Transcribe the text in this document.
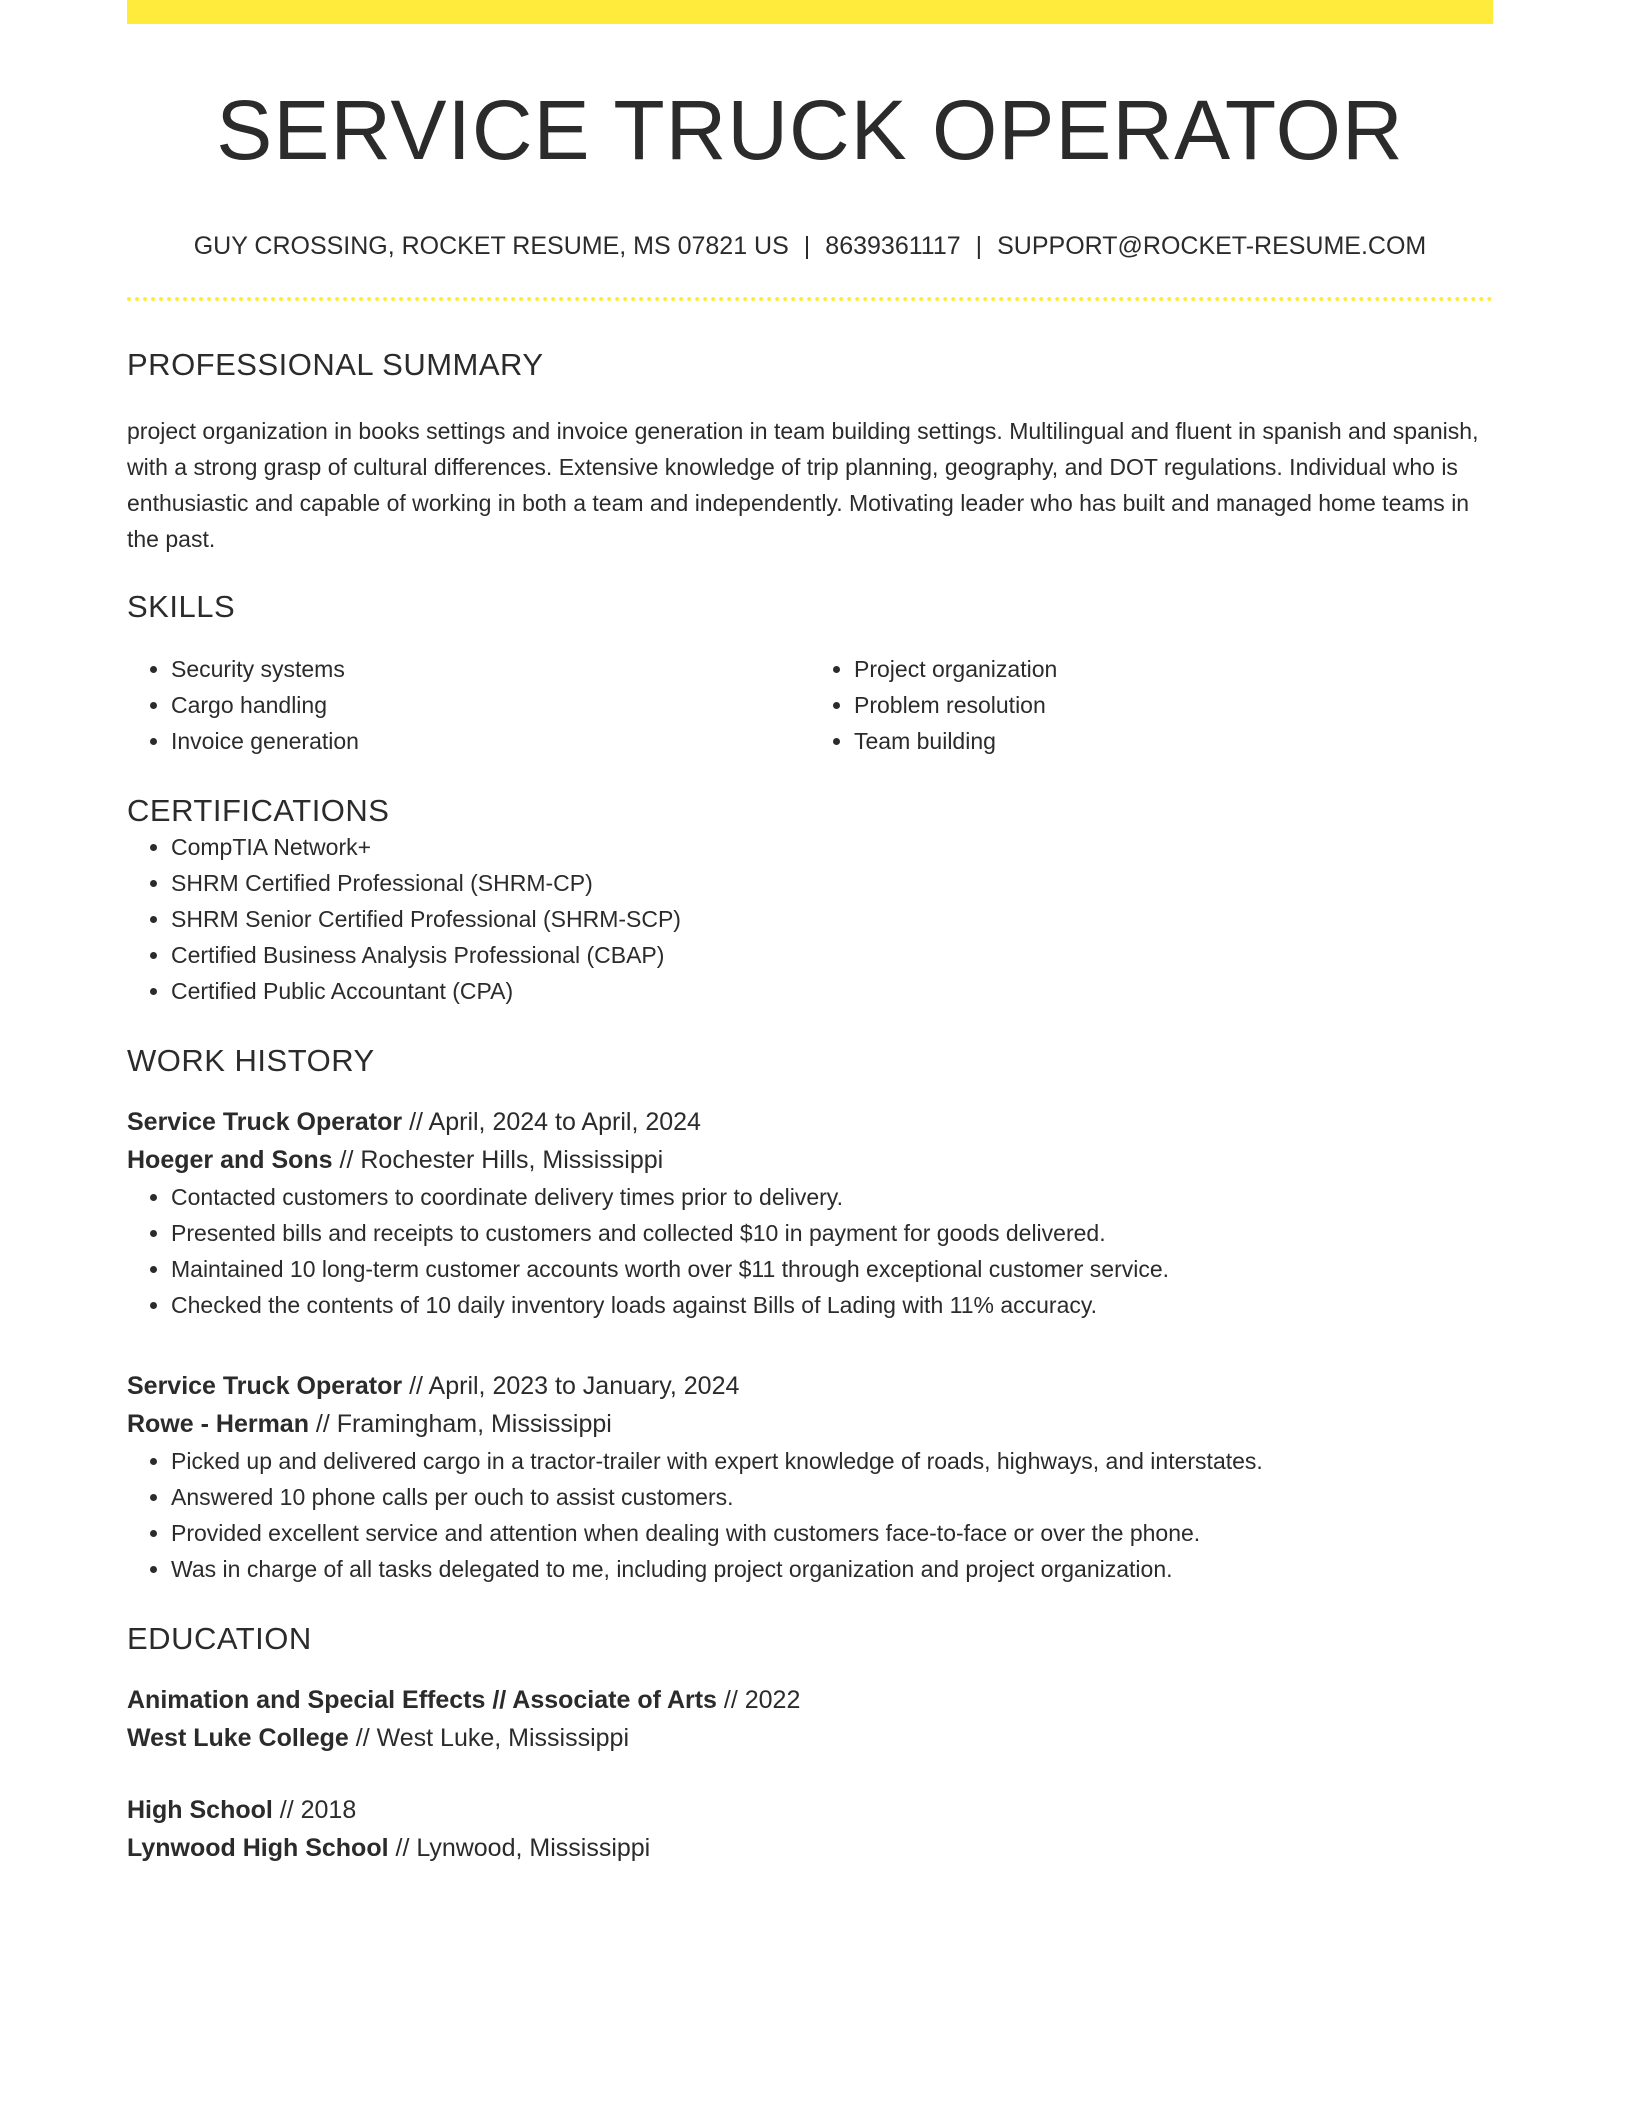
SERVICE TRUCK OPERATOR
GUY CROSSING, ROCKET RESUME, MS 07821 US | 8639361117 | SUPPORT@ROCKET-RESUME.COM
PROFESSIONAL SUMMARY

project organization in books settings and invoice generation in team building settings. Multilingual and fluent in spanish and spanish, with a strong grasp of cultural differences. Extensive knowledge of trip planning, geography, and DOT regulations. Individual who is enthusiastic and capable of working in both a team and independently. Motivating leader who has built and managed home teams in the past.

SKILLS
• Security systems
• Cargo handling
• Invoice generation
• Project organization
• Problem resolution
• Team building
CERTIFICATIONS
• CompTIA Network+
• SHRM Certified Professional (SHRM-CP)
• SHRM Senior Certified Professional (SHRM-SCP)
• Certified Business Analysis Professional (CBAP)
• Certified Public Accountant (CPA)
WORK HISTORY
Service Truck Operator // April, 2024 to April, 2024
Hoeger and Sons // Rochester Hills, Mississippi
• Contacted customers to coordinate delivery times prior to delivery.
• Presented bills and receipts to customers and collected $10 in payment for goods delivered.
• Maintained 10 long-term customer accounts worth over $11 through exceptional customer service.
• Checked the contents of 10 daily inventory loads against Bills of Lading with 11% accuracy.
Service Truck Operator // April, 2023 to January, 2024
Rowe - Herman // Framingham, Mississippi
• Picked up and delivered cargo in a tractor-trailer with expert knowledge of roads, highways, and interstates.
• Answered 10 phone calls per ouch to assist customers.
• Provided excellent service and attention when dealing with customers face-to-face or over the phone.
• Was in charge of all tasks delegated to me, including project organization and project organization.
EDUCATION
Animation and Special Effects // Associate of Arts // 2022
West Luke College // West Luke, Mississippi
High School // 2018
Lynwood High School // Lynwood, Mississippi
